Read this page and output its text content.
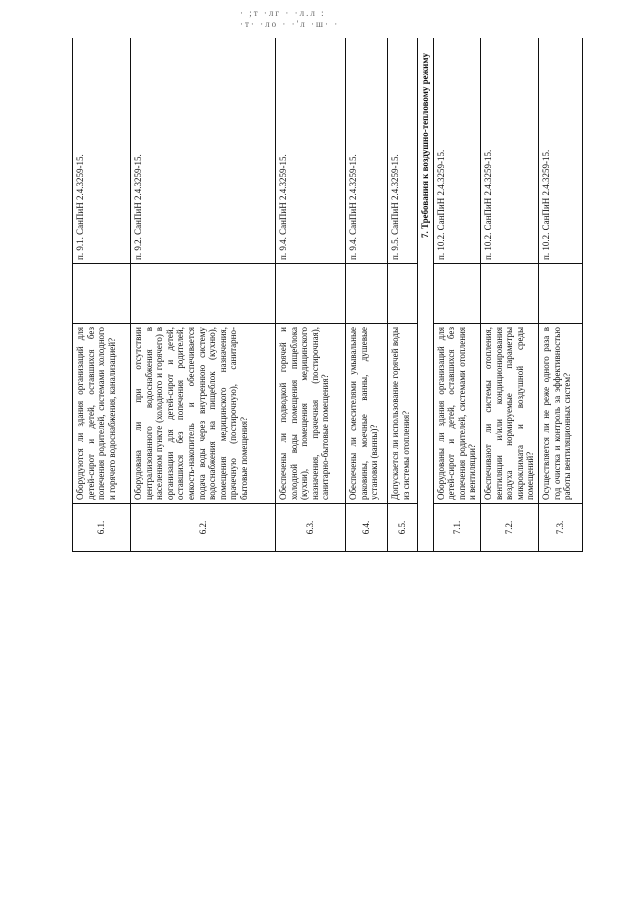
· ;т ·лг · ·л.л :
·т· ·ло · ·'л ·ш· ·
6.1.	Оборудуются ли здания организаций для детей-сирот и детей, оставшихся без попечения родителей, системами холодного и горячего водоснабжения, канализацией?		п. 9.1. СанПиН 2.4.3259-15.		
6.2.	Оборудована ли при отсутствии централизованного водоснабжения в населенном пункте (холодного и горячего) в организации для детей-сирот и детей, оставшихся без попечения родителей, емкость-накопитель и обеспечивается подача воды через внутреннюю систему водоснабжения на пищеблок (кухню), помещения медицинского назначения, прачечную (постирочную), санитарно-бытовые помещения?		п. 9.2. СанПиН 2.4.3259-15.		
6.3.	Обеспечены ли подводкой горячей и холодной воды помещения пищеблока (кухни), помещения медицинского назначения, прачечная (постирочная), санитарно-бытовые помещения?		п. 9.4. СанПиН 2.4.3259-15.		
6.4.	Обеспечены ли смесителями умывальные раковины, моечные ванны, душевые установки (ванны)?		п. 9.4. СанПиН 2.4.3259-15.		
6.5.	Допускается ли использование горячей воды из системы отопления?		п. 9.5. СанПиН 2.4.3259-15.		
7. Требования к воздушно-тепловому режиму					
7.1.	Оборудованы ли здания организаций для детей-сирот и детей, оставшихся без попечения родителей, системами отопления и вентиляции?		п. 10.2. СанПиН 2.4.3259-15.		
7.2.	Обеспечивают ли системы отопления, вентиляции и/или кондиционирования воздуха нормируемые параметры микроклимата и воздушной среды помещений?		п. 10.2. СанПиН 2.4.3259-15.		
7.3.	Осуществляется ли не реже одного раза в год очистка и контроль за эффективностью работы вентиляционных систем?		п. 10.2. СанПиН 2.4.3259-15.		
